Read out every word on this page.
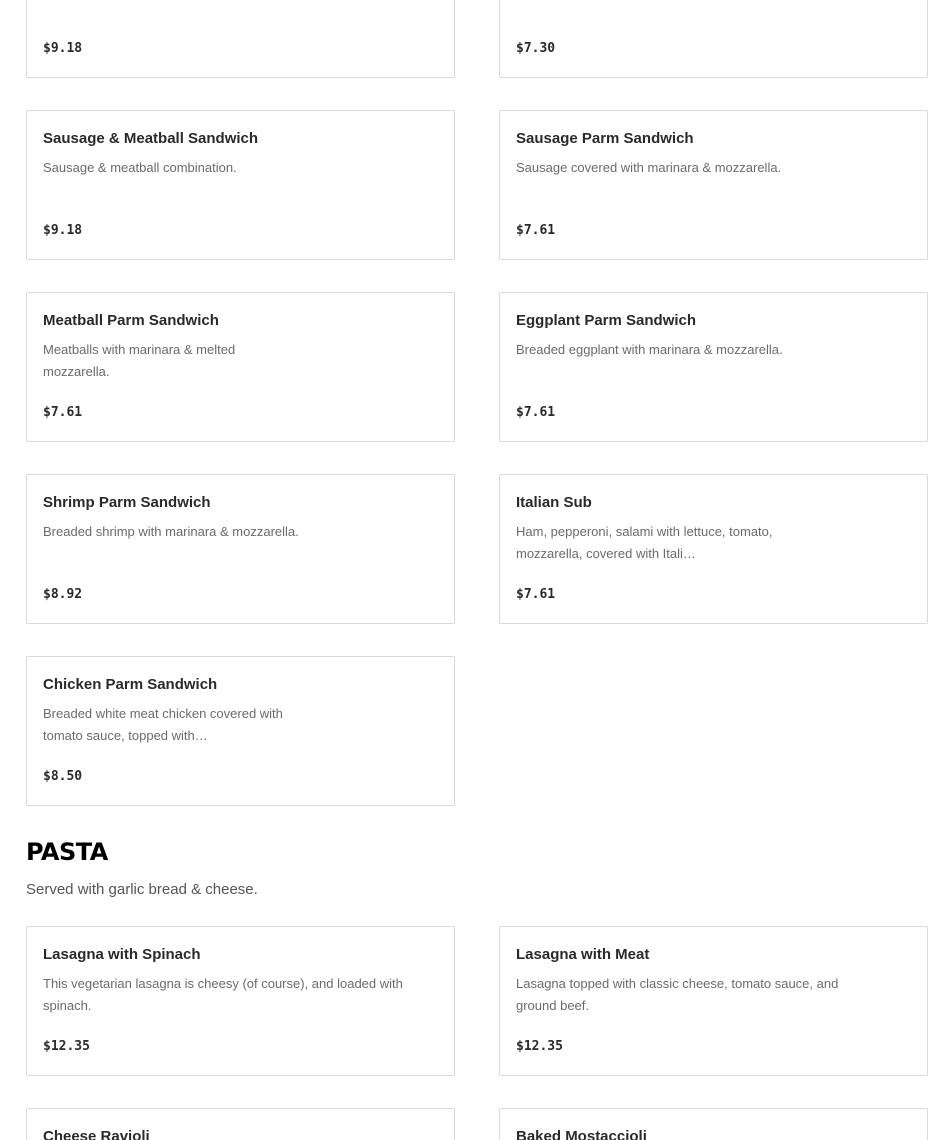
$9.18	$7.30
Sausage & Meatball Sandwich
Sausage & meatball combination.
$9.18
Sausage Parm Sandwich
Sausage covered with marinara & mozzarella.
$7.61
Meatball Parm Sandwich
Meatballs with marinara & melted mozzarella.
$7.61
Eggplant Parm Sandwich
Breaded eggplant with marinara & mozzarella.
$7.61
Shrimp Parm Sandwich
Breaded shrimp with marinara & mozzarella.
$8.92
Italian Sub
Ham, pepperoni, salami with lettuce, tomato, mozzarella, covered with Itali…
$7.61
Chicken Parm Sandwich
Breaded white meat chicken covered with tomato sauce, topped with…
$8.50
PASTA
Served with garlic bread & cheese.
Lasagna with Spinach
This vegetarian lasagna is cheesy (of course), and loaded with spinach.
$12.35
Lasagna with Meat
Lasagna topped with classic cheese, tomato sauce, and ground beef.
$12.35
Cheese Ravioli	Baked Mostaccioli
